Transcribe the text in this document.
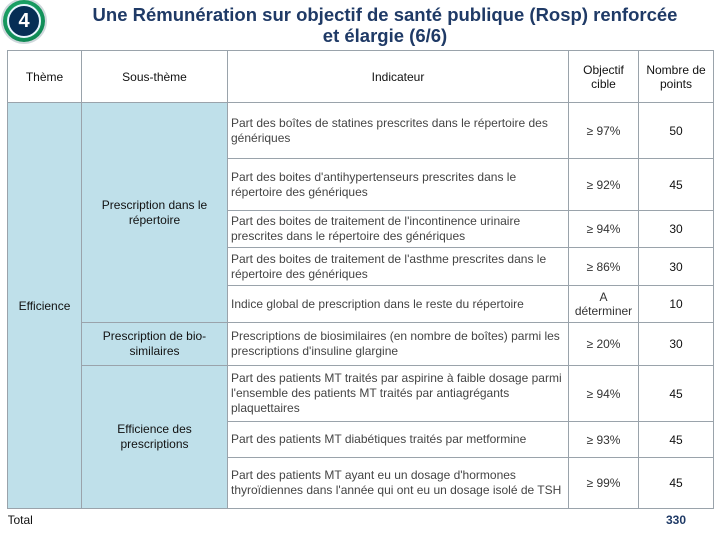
4	Une Rémunération sur objectif de santé publique (Rosp) renforcée
et élargie (6/6)
Thème	Sous-thème	Indicateur	Objectif cible	Nombre de points
Efficience	Prescription dans le répertoire	Part des boîtes de statines prescrites dans le répertoire des génériques	≥ 97%	50
		Part des boites d'antihypertenseurs prescrites dans le répertoire des génériques	≥ 92%	45
		Part des boites de traitement de l'incontinence urinaire prescrites dans le répertoire des génériques	≥ 94%	30
		Part des boites de traitement de l'asthme prescrites dans le répertoire des génériques	≥ 86%	30
		Indice global de prescription dans le reste du répertoire	A déterminer	10
	Prescription de bio-similaires	Prescriptions de biosimilaires (en nombre de boîtes) parmi les prescriptions d'insuline glargine	≥ 20%	30
	Efficience des prescriptions	Part des patients MT traités par aspirine à faible dosage parmi l'ensemble des patients MT traités par antiagrégants plaquettaires	≥ 94%	45
		Part des patients MT diabétiques traités par metformine	≥ 93%	45
		Part des patients MT ayant eu un dosage d'hormones thyroïdiennes dans l'année qui ont eu un dosage isolé de TSH	≥ 99%	45
Total				330
